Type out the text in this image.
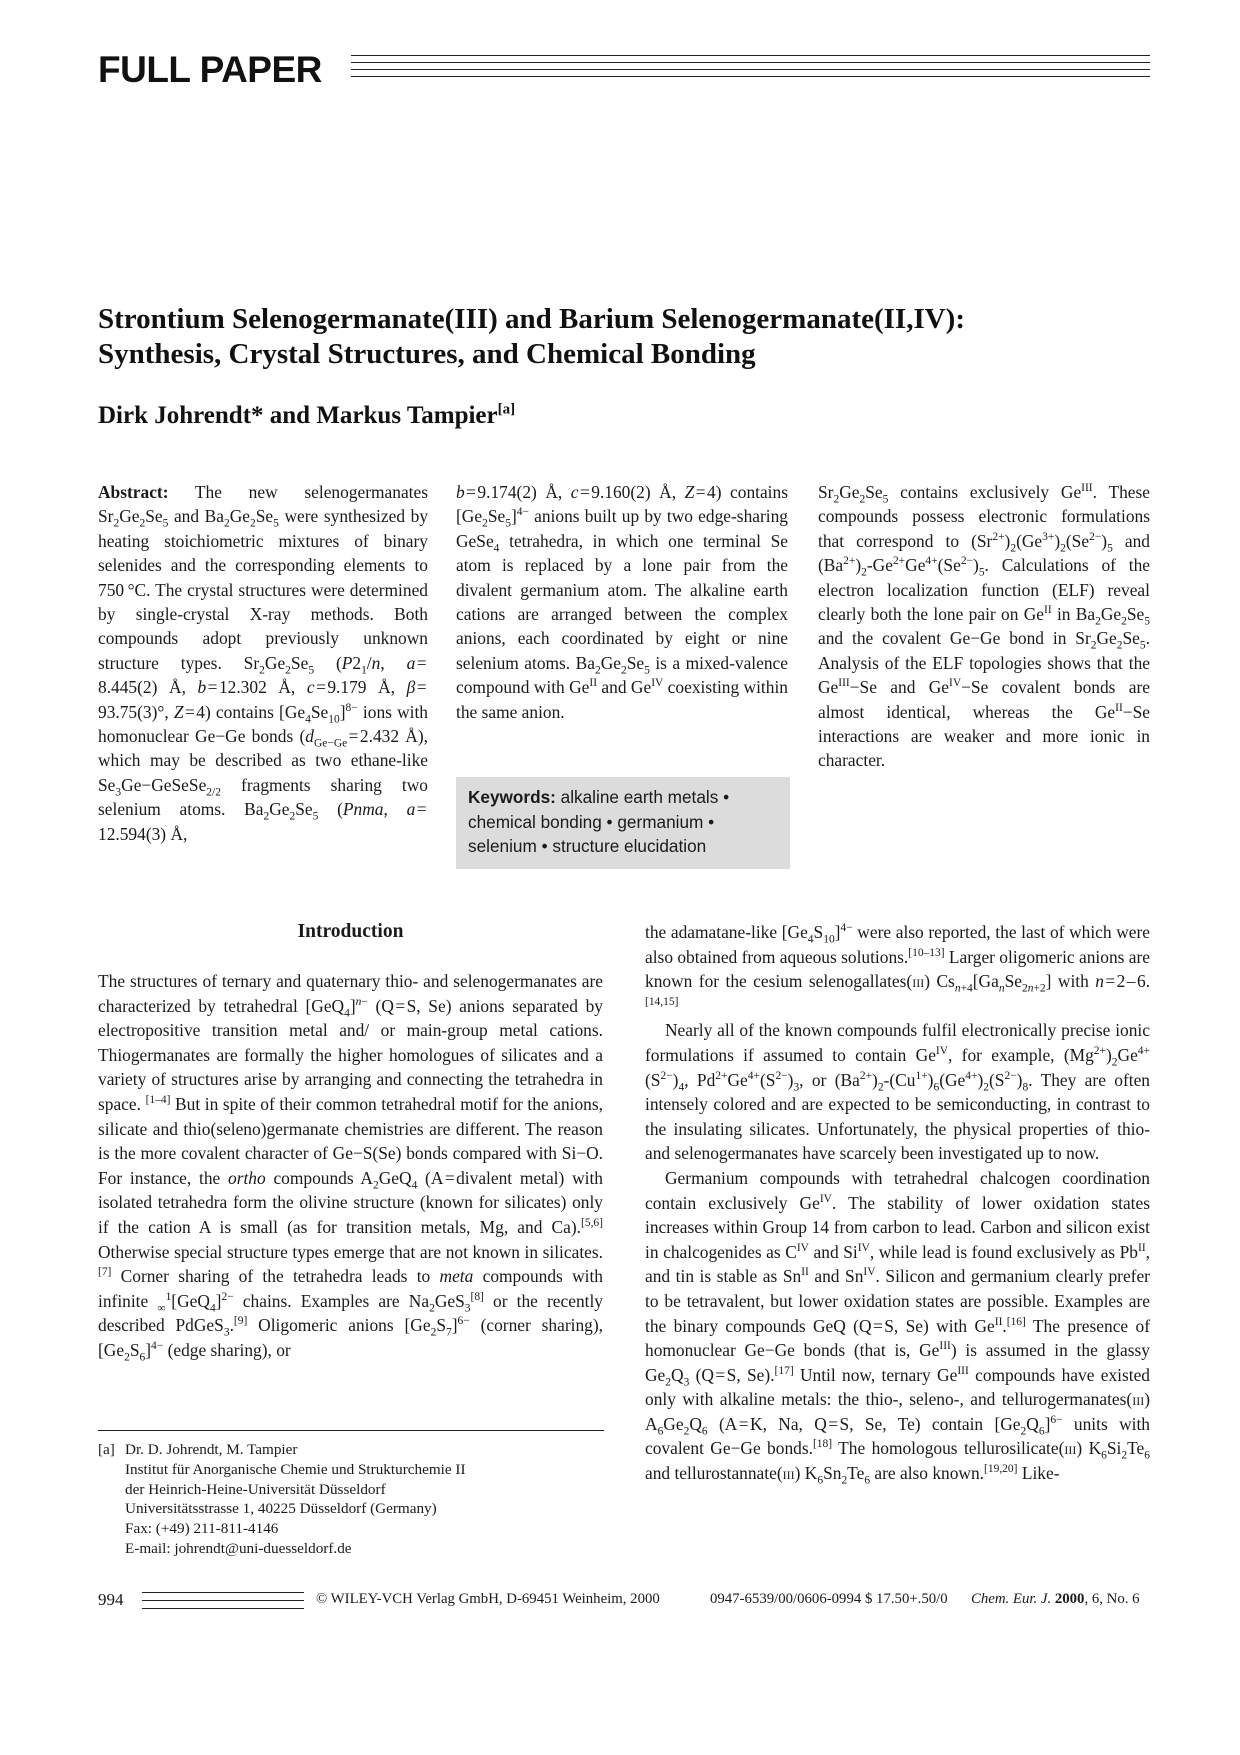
FULL PAPER
Strontium Selenogermanate(III) and Barium Selenogermanate(II,IV):
Synthesis, Crystal Structures, and Chemical Bonding
Dirk Johrendt* and Markus Tampier[a]

Abstract: The new selenogermanates $Sr_2Ge_2Se_5$ and $Ba_2Ge_2Se_5$ were synthesized by heating stoichiometric mixtures of binary selenides and the corresponding elements to 750 °C. The crystal structures were determined by single-crystal X-ray methods. Both compounds adopt previously unknown structure types. $Sr_2Ge_2Se_5$ ($P2_1/n$, a = 8.445(2) Å, b = 12.302 Å, c = 9.179 Å, β = 93.75(3)°, Z = 4) contains $[Ge_4Se_{10}]^{8-}$ ions with homonuclear Ge−Ge bonds ($d_{Ge-Ge}$ = 2.432 Å), which may be described as two ethane-like $Se_3Ge-GeSeSe_{2/2}$ fragments sharing two selenium atoms. $Ba_2Ge_2Se_5$ (Pnma, a = 12.594(3) Å,

b = 9.174(2) Å, c = 9.160(2) Å, Z = 4) contains $[Ge_2Se_5]^{4-}$ anions built up by two edge-sharing GeSe$_4$ tetrahedra, in which one terminal Se atom is replaced by a lone pair from the divalent germanium atom. The alkaline earth cations are arranged between the complex anions, each coordinated by eight or nine selenium atoms. $Ba_2Ge_2Se_5$ is a mixed-valence compound with $Ge^{II}$ and $Ge^{IV}$ coexisting within the same anion.

Keywords: alkaline earth metals • chemical bonding • germanium • selenium • structure elucidation

$Sr_2Ge_2Se_5$ contains exclusively $Ge^{III}$. These compounds possess electronic formulations that correspond to $(Sr^{2+})_2(Ge^{3+})_2(Se^{2-})_5$ and $(Ba^{2+})_2-Ge^{2+}Ge^{4+}(Se^{2-})_5$. Calculations of the electron localization function (ELF) reveal clearly both the lone pair on $Ge^{II}$ in $Ba_2Ge_2Se_5$ and the covalent Ge−Ge bond in $Sr_2Ge_2Se_5$. Analysis of the ELF topologies shows that the $Ge^{III}-Se$ and $Ge^{IV}-Se$ covalent bonds are almost identical, whereas the $Ge^{II}-Se$ interactions are weaker and more ionic in character.

Introduction

The structures of ternary and quaternary thio- and selenogermanates are characterized by tetrahedral $[GeQ_4]^{n-}$ (Q = S, Se) anions separated by electropositive transition metal and/ or main-group metal cations. Thiogermanates are formally the higher homologues of silicates and a variety of structures arise by arranging and connecting the tetrahedra in space. [1–4] But in spite of their common tetrahedral motif for the anions, silicate and thio(seleno)germanate chemistries are different. The reason is the more covalent character of Ge−S(Se) bonds compared with Si−O. For instance, the ortho compounds $A_2GeQ_4$ (A = divalent metal) with isolated tetrahedra form the olivine structure (known for silicates) only if the cation A is small (as for transition metals, Mg, and Ca).[5,6] Otherwise special structure types emerge that are not known in silicates.[7] Corner sharing of the tetrahedra leads to meta compounds with infinite $_\infty^1[GeQ_4]^{2-}$ chains. Examples are $Na_2GeS_3[8]$ or the recently described PdGeS$_3$.[9] Oligomeric anions $[Ge_2S_7]^{6-}$ (corner sharing), $[Ge_2S_6]^{4-}$ (edge sharing), or

[a] Dr. D. Johrendt, M. Tampier
Institut für Anorganische Chemie und Strukturchemie II
der Heinrich-Heine-Universität Düsseldorf
Universitätsstrasse 1, 40225 Düsseldorf (Germany)
Fax: (+49) 211-811-4146
E-mail: johrendt@uni-duesseldorf.de

the adamatane-like $[Ge_4S_{10}]^{4-}$ were also reported, the last of which were also obtained from aqueous solutions.[10–13] Larger oligomeric anions are known for the cesium selenogallates(iii) $Cs_{n+4}[Ga_nSe_{2n+2}]$ with n = 2 – 6.[14,15]

Nearly all of the known compounds fulfil electronically precise ionic formulations if assumed to contain $Ge^{IV}$, for example, $(Mg^{2+})_2Ge^{4+}(S^{2-})_4$, $Pd^{2+}Ge^{4+}(S^{2-})_3$, or $(Ba^{2+})_2-(Cu^{1+})_6(Ge^{4+})_2(S^{2-})_8$. They are often intensely colored and are expected to be semiconducting, in contrast to the insulating silicates. Unfortunately, the physical properties of thio- and selenogermanates have scarcely been investigated up to now.

Germanium compounds with tetrahedral chalcogen coordination contain exclusively $Ge^{IV}$. The stability of lower oxidation states increases within Group 14 from carbon to lead. Carbon and silicon exist in chalcogenides as $C^{IV}$ and $Si^{IV}$, while lead is found exclusively as $Pb^{II}$, and tin is stable as $Sn^{II}$ and $Sn^{IV}$. Silicon and germanium clearly prefer to be tetravalent, but lower oxidation states are possible. Examples are the binary compounds GeQ (Q = S, Se) with $Ge^{II}.[16]$ The presence of homonuclear Ge−Ge bonds (that is, $Ge^{III}$) is assumed in the glassy $Ge_2Q_3$ (Q = S, Se).[17] Until now, ternary $Ge^{III}$ compounds have existed only with alkaline metals: the thio-, seleno-, and tellurogermanates(iii) $A_6Ge_2Q_6$ (A = K, Na, Q = S, Se, Te) contain $[Ge_2Q_6]^{6-}$ units with covalent Ge−Ge bonds.[18] The homologous tellurosilicate(iii) $K_6Si_2Te_6$ and tellurostannate(iii) $K_6Sn_2Te_6$ are also known.[19,20] Like-

994	© WILEY-VCH Verlag GmbH, D-69451 Weinheim, 2000	0947-6539/00/0606-0994 $ 17.50+.50/0 Chem. Eur. J. 2000, 6, No. 6
